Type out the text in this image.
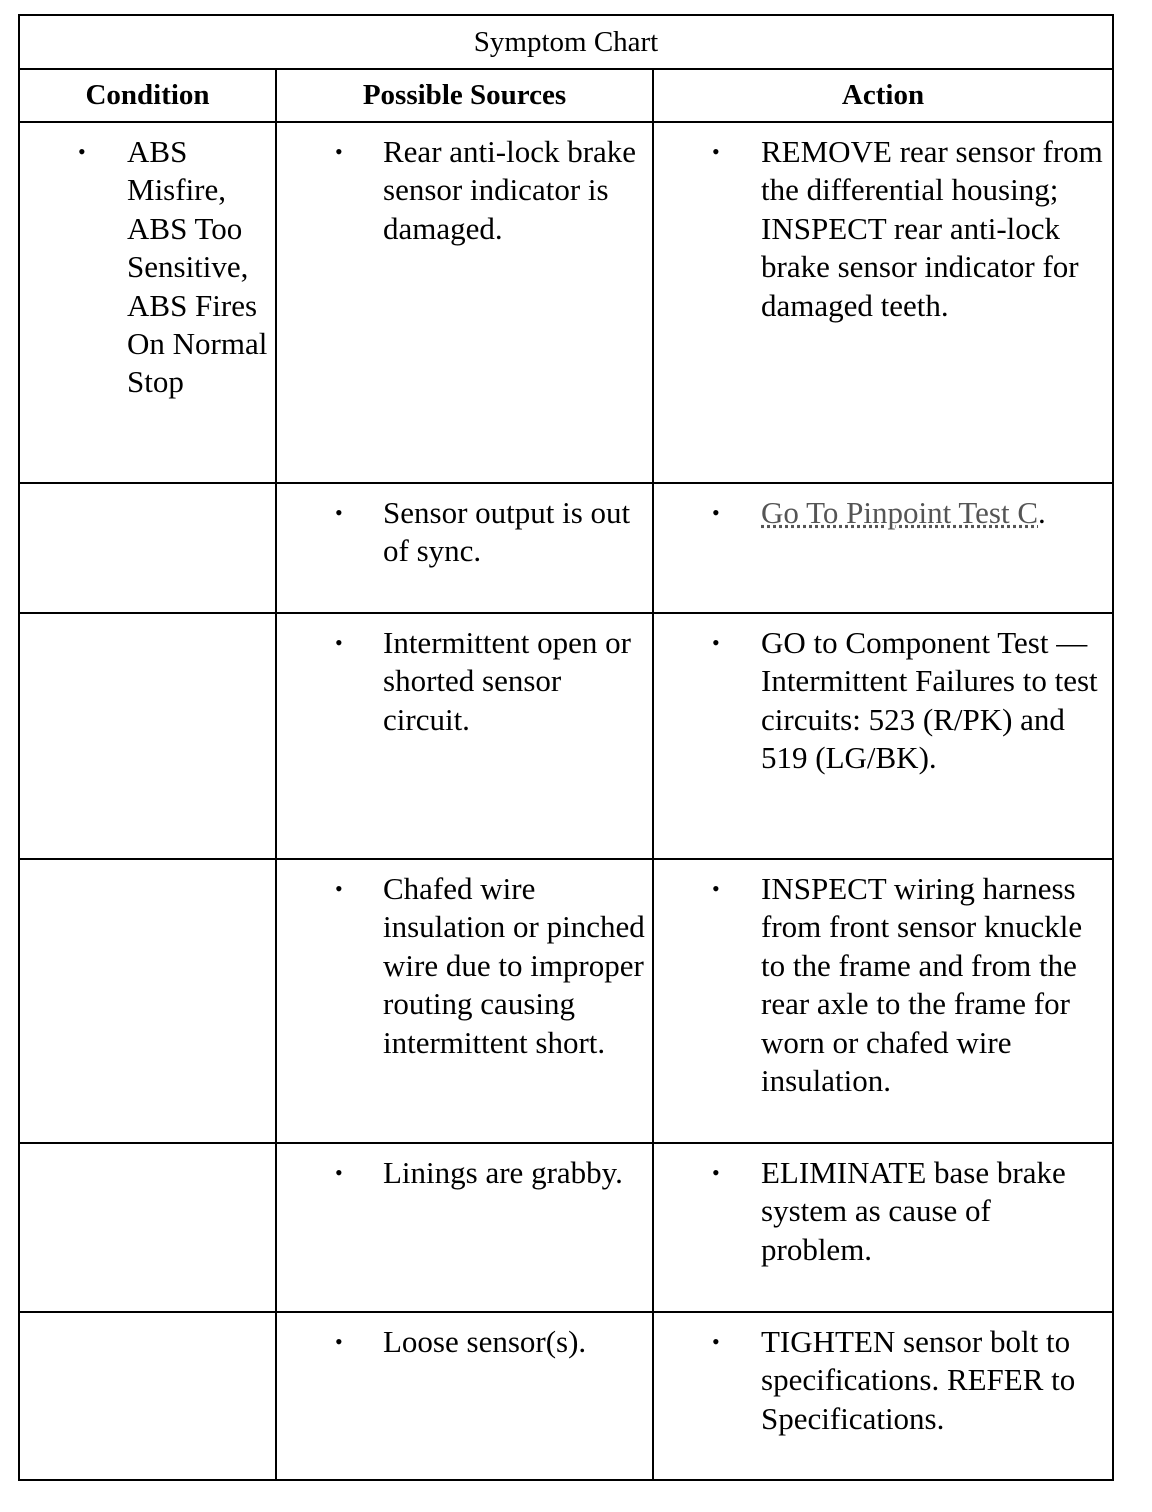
Symptom Chart		
Condition	Possible Sources	Action

• ABS Misfire, ABS Too Sensitive, ABS Fires On Normal Stop	• Rear anti-lock brake sensor indicator is damaged.	• REMOVE rear sensor from the differential housing; INSPECT rear anti-lock brake sensor indicator for damaged teeth.

	• Sensor output is out of sync.	• Go To Pinpoint Test C.

	• Intermittent open or shorted sensor circuit.	• GO to Component Test — Intermittent Failures to test circuits: 523 (R/PK) and 519 (LG/BK).

	• Chafed wire insulation or pinched wire due to improper routing causing intermittent short.	• INSPECT wiring harness from front sensor knuckle to the frame and from the rear axle to the frame for worn or chafed wire insulation.

	• Linings are grabby.	• ELIMINATE base brake system as cause of problem.

	• Loose sensor(s).	• TIGHTEN sensor bolt to specifications. REFER to Specifications.
